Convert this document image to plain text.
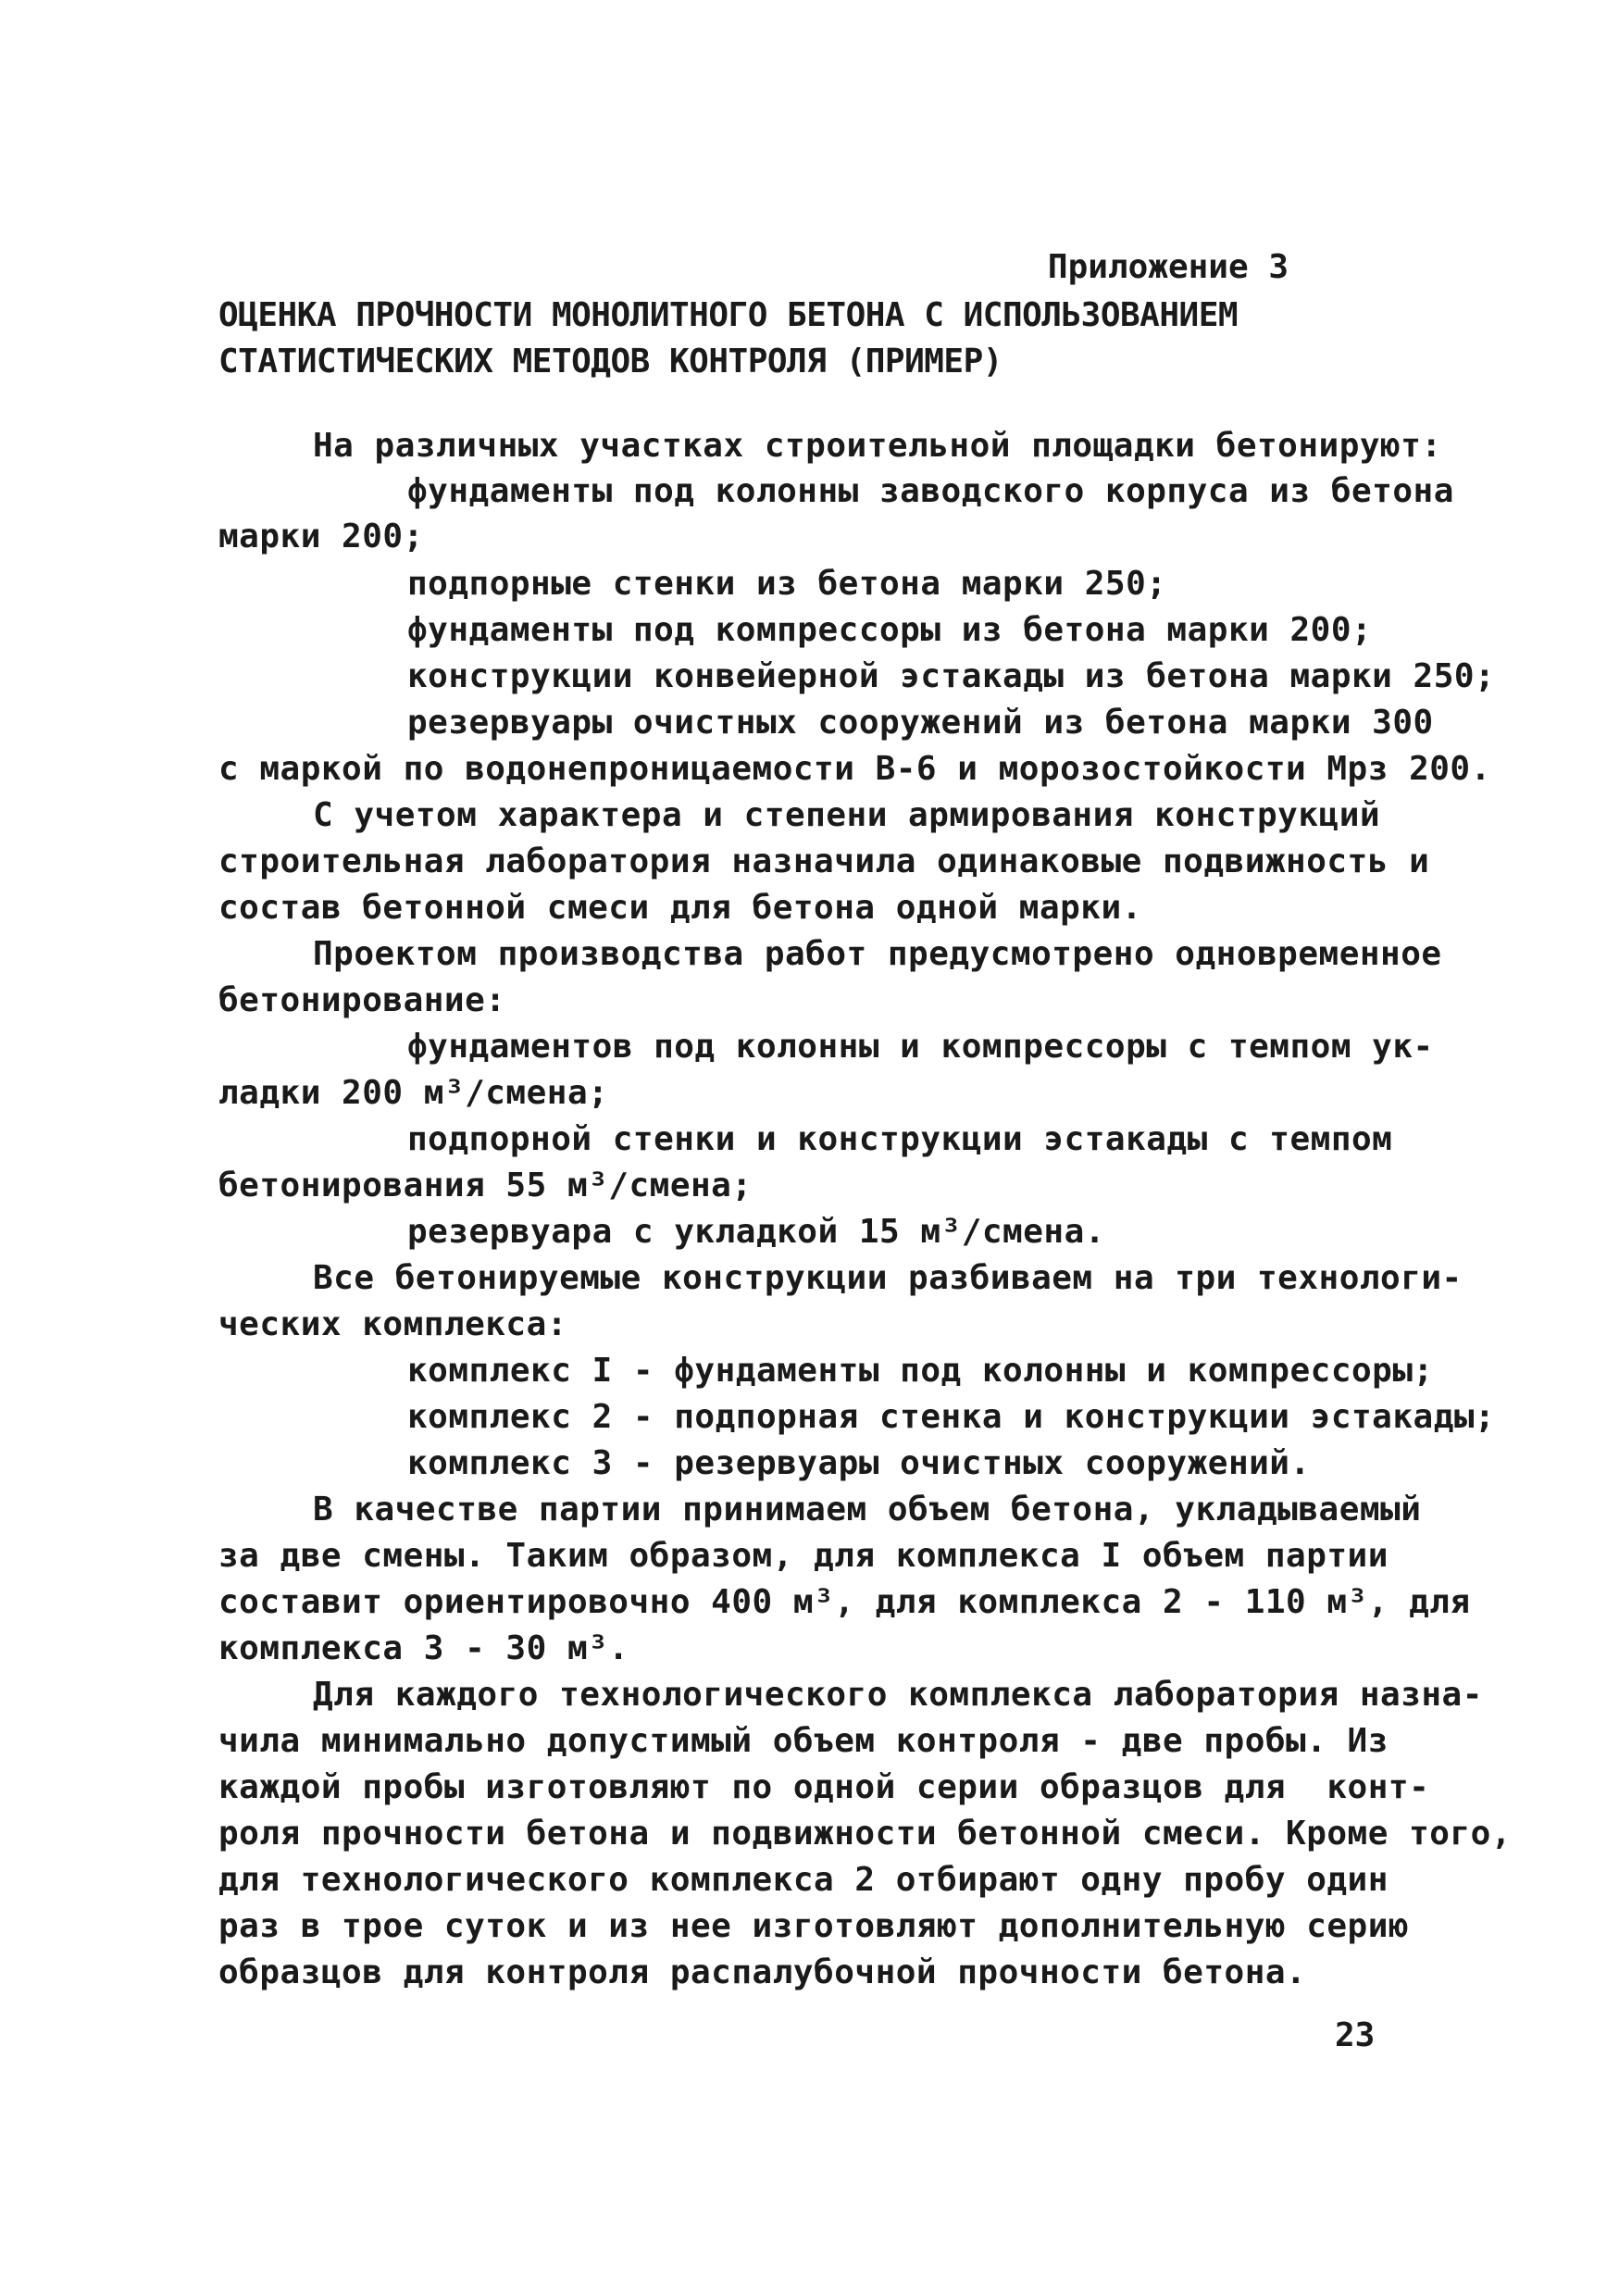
Приложение 3
ОЦЕНКА ПРОЧНОСТИ МОНОЛИТНОГО БЕТОНА С ИСПОЛЬЗОВАНИЕМ
СТАТИСТИЧЕСКИХ МЕТОДОВ КОНТРОЛЯ (ПРИМЕР)
На различных участках строительной площадки бетонируют:
фундаменты под колонны заводского корпуса из бетона
марки 200;
подпорные стенки из бетона марки 250;
фундаменты под компрессоры из бетона марки 200;
конструкции конвейерной эстакады из бетона марки 250;
резервуары очистных сооружений из бетона марки 300
с маркой по водонепроницаемости В-6 и морозостойкости Мрз 200.
С учетом характера и степени армирования конструкций
строительная лаборатория назначила одинаковые подвижность и
состав бетонной смеси для бетона одной марки.
Проектом производства работ предусмотрено одновременное
бетонирование:
фундаментов под колонны и компрессоры с темпом ук-
ладки 200 м³/смена;
подпорной стенки и конструкции эстакады с темпом
бетонирования 55 м³/смена;
резервуара с укладкой 15 м³/смена.
Все бетонируемые конструкции разбиваем на три технологи-
ческих комплекса:
комплекс I - фундаменты под колонны и компрессоры;
комплекс 2 - подпорная стенка и конструкции эстакады;
комплекс 3 - резервуары очистных сооружений.
В качестве партии принимаем объем бетона, укладываемый
за две смены. Таким образом, для комплекса I объем партии
составит ориентировочно 400 м³, для комплекса 2 - 110 м³, для
комплекса 3 - 30 м³.
Для каждого технологического комплекса лаборатория назна-
чила минимально допустимый объем контроля - две пробы. Из
каждой пробы изготовляют по одной серии образцов для  конт-
роля прочности бетона и подвижности бетонной смеси. Кроме того,
для технологического комплекса 2 отбирают одну пробу один
раз в трое суток и из нее изготовляют дополнительную серию
образцов для контроля распалубочной прочности бетона.
23
